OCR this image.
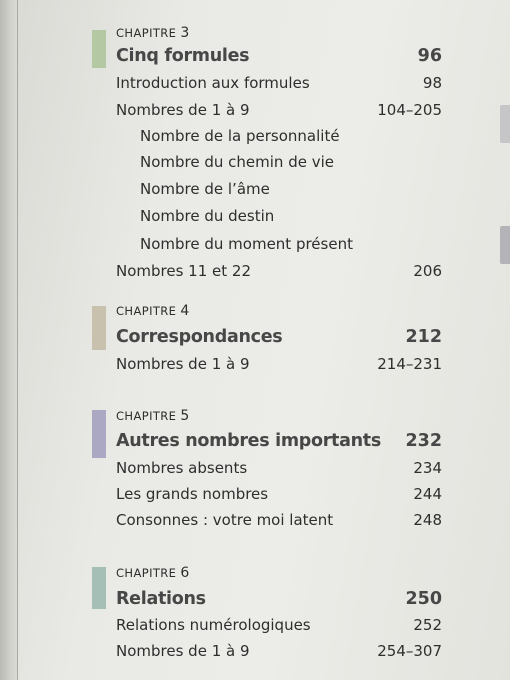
CHAPITRE 3
Cinq formules	96
Introduction aux formules	98
Nombres de 1 à 9	104–205
Nombre de la personnalité
Nombre du chemin de vie
Nombre de l’âme
Nombre du destin
Nombre du moment présent
Nombres 11 et 22	206
CHAPITRE 4
Correspondances	212
Nombres de 1 à 9	214–231
CHAPITRE 5
Autres nombres importants 232
Nombres absents	234
Les grands nombres	244
Consonnes : votre moi latent	248
CHAPITRE 6
Relations	250
Relations numérologiques	252
Nombres de 1 à 9	254–307
